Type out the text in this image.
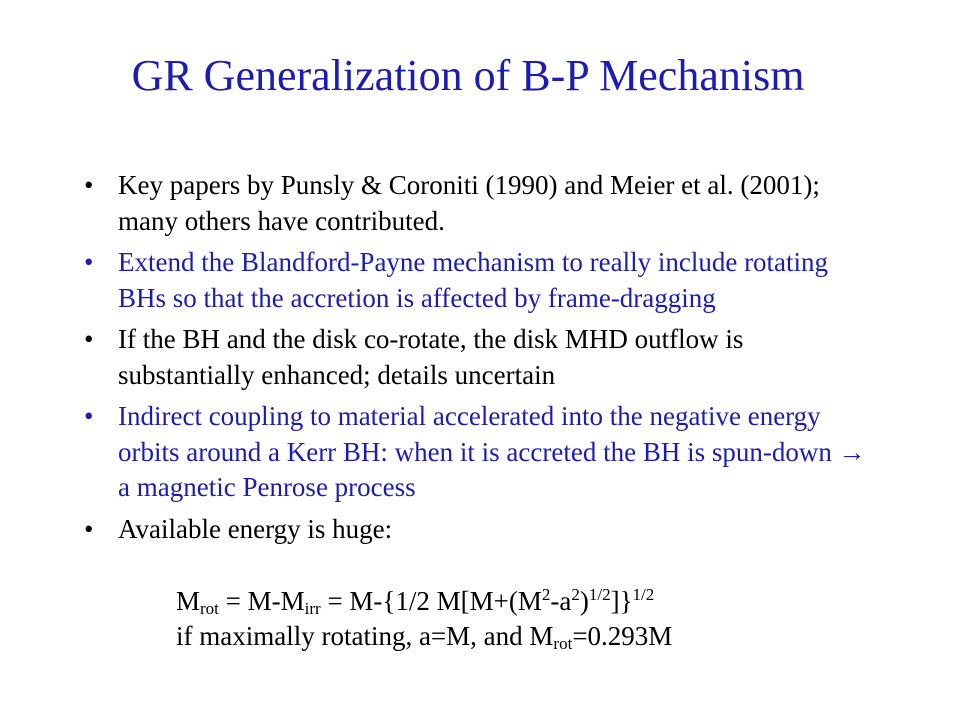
GR Generalization of B-P Mechanism
• Key papers by Punsly & Coroniti (1990) and Meier et al. (2001); many others have contributed.
• Extend the Blandford-Payne mechanism to really include rotating BHs so that the accretion is affected by frame-dragging
• If the BH and the disk co-rotate, the disk MHD outflow is substantially enhanced; details uncertain
• Indirect coupling to material accelerated into the negative energy orbits around a Kerr BH: when it is accreted the BH is spun-down → a magnetic Penrose process
• Available energy is huge:
$M_{rot} = M-M_{irr} = M-\{1/2$ $M[M+(M^2-a^2)^{1/2}]\}^{1/2}$
if maximally rotating, a=M, and $M_{rot}=0.293M$
